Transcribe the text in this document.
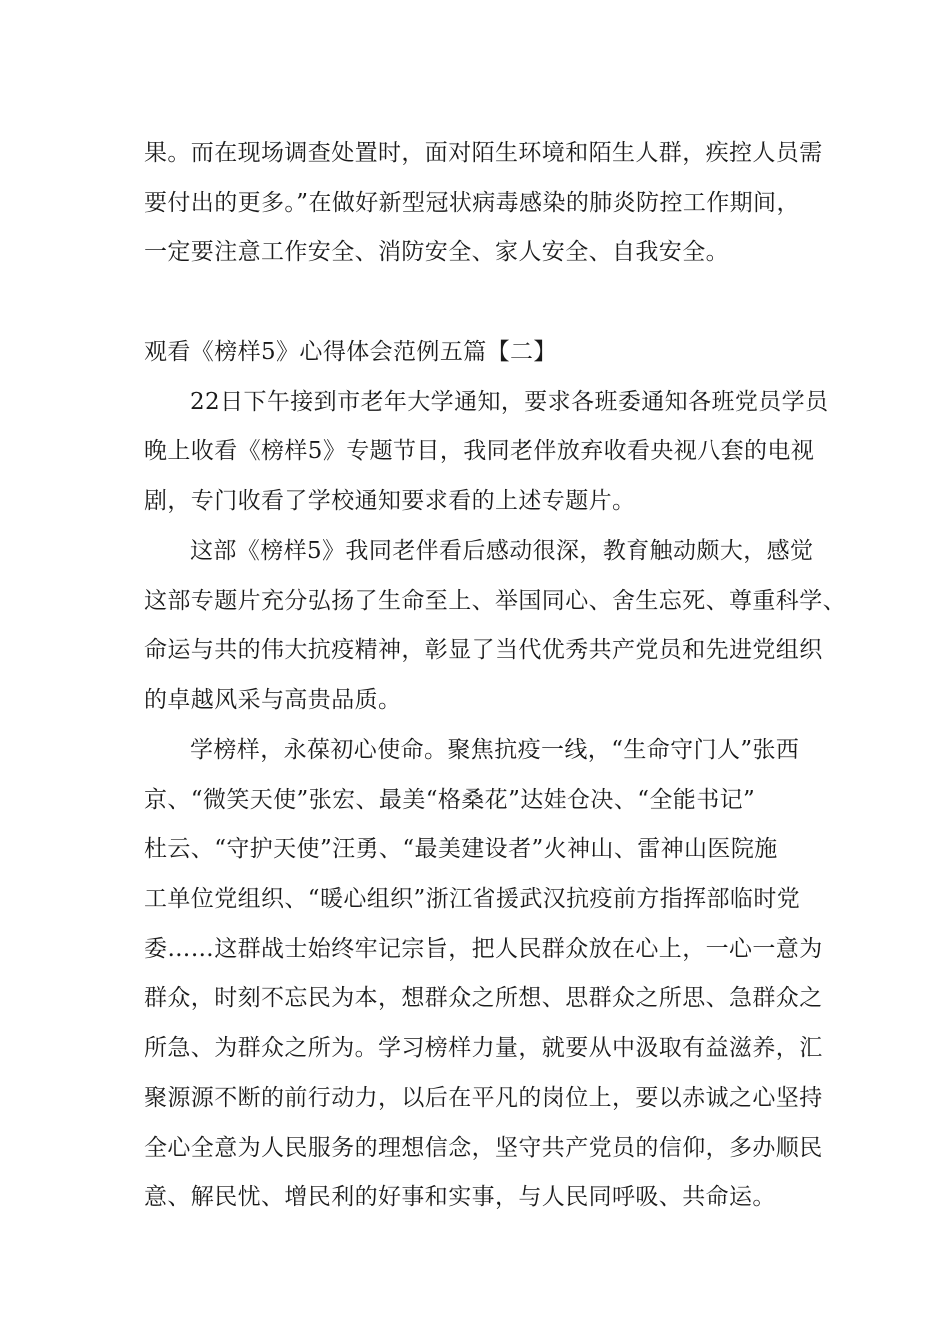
果。而在现场调查处置时，面对陌生环境和陌生人群，疾控人员需
要付出的更多。”在做好新型冠状病毒感染的肺炎防控工作期间，
一定要注意工作安全、消防安全、家人安全、自我安全。
观看《榜样5》心得体会范例五篇【二】
22日下午接到市老年大学通知，要求各班委通知各班党员学员
晚上收看《榜样5》专题节目，我同老伴放弃收看央视八套的电视
剧，专门收看了学校通知要求看的上述专题片。
这部《榜样5》我同老伴看后感动很深，教育触动颇大，感觉
这部专题片充分弘扬了生命至上、举国同心、舍生忘死、尊重科学、
命运与共的伟大抗疫精神，彰显了当代优秀共产党员和先进党组织
的卓越风采与高贵品质。
学榜样，永葆初心使命。聚焦抗疫一线，“生命守门人”张西
京、“微笑天使”张宏、最美“格桑花”达娃仓决、“全能书记”
杜云、“守护天使”汪勇、“最美建设者”火神山、雷神山医院施
工单位党组织、“暖心组织”浙江省援武汉抗疫前方指挥部临时党
委……这群战士始终牢记宗旨，把人民群众放在心上，一心一意为
群众，时刻不忘民为本，想群众之所想、思群众之所思、急群众之
所急、为群众之所为。学习榜样力量，就要从中汲取有益滋养，汇
聚源源不断的前行动力，以后在平凡的岗位上，要以赤诚之心坚持
全心全意为人民服务的理想信念，坚守共产党员的信仰，多办顺民
意、解民忧、增民利的好事和实事，与人民同呼吸、共命运。
